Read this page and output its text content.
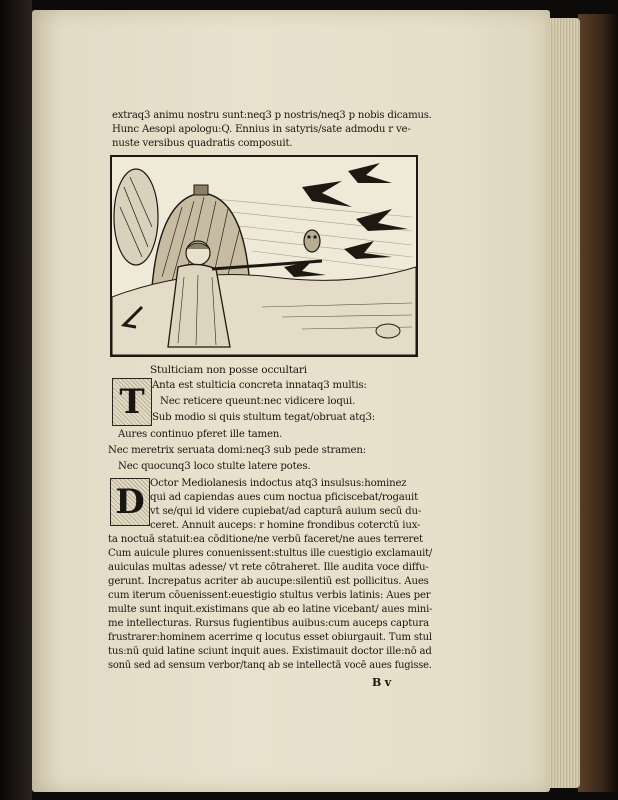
extraq3 animu nostru sunt:neq3 p nostris/neq3 p nobis dicamus.
Hunc Aesopi apologu:Q. Ennius in satyris/sate admodu r ve-
nuste versibus quadratis composuit.
Stulticiam non posse occultari
T Anta est stulticia concreta innataq3 multis:
Nec reticere queunt:nec vidicere loqui.
Sub modio si quis stultum tegat/obruat atq3:
Aures continuo pferet ille tamen.
Nec meretrix seruata domi:neq3 sub pede stramen:
Nec quocunq3 loco stulte latere potes.
D Octor Mediolanesis indoctus atq3 insulsus:hominez
qui ad capiendas aues cum noctua pficiscebat/rogauit
vt se/qui id videre cupiebat/ad capturā auium secū du-
ceret. Annuit auceps: r homine frondibus coterctū iux-
ta noctuā statuit:ea cōditione/ne verbū faceret/ne aues terreret
Cum auicule plures conuenissent:stultus ille cuestigio exclamauit/
auiculas multas adesse/ vt rete cōtraheret. Ille audita voce diffu-
gerunt. Increpatus acriter ab aucupe:silentiū est pollicitus. Aues
cum iterum cōuenissent:euestigio stultus verbis latinis: Aues per
multe sunt inquit.existimans que ab eo latine vicebant/ aues mini-
me intellecturas. Rursus fugientibus auibus:cum auceps captura
frustrarer:hominem acerrime q locutus esset obiurgauit. Tum stul
tus:nū quid latine sciunt inquit aues. Existimauit doctor ille:nō ad
sonū sed ad sensum verbor/tanq ab se intellectā vocē aues fugisse.
B v
